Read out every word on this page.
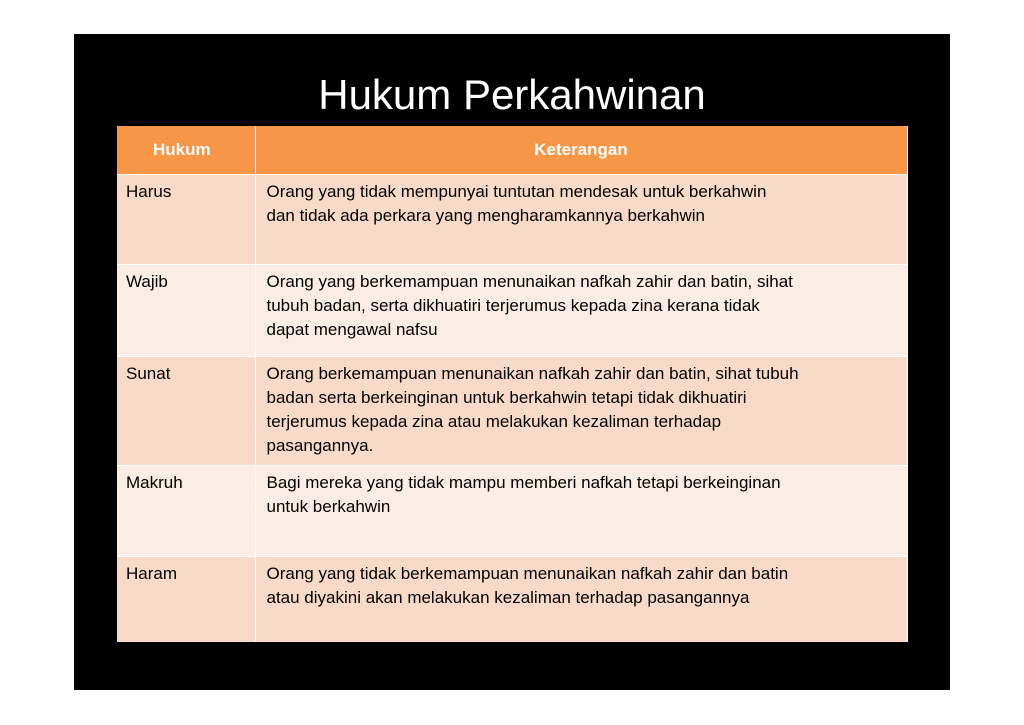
Hukum Perkahwinan
Hukum	Keterangan
Harus	Orang yang tidak mempunyai tuntutan mendesak untuk berkahwin
dan tidak ada perkara yang mengharamkannya berkahwin

Wajib	Orang yang berkemampuan menunaikan nafkah zahir dan batin, sihat
tubuh badan, serta dikhuatiri terjerumus kepada zina kerana tidak
dapat mengawal nafsu

Sunat	Orang berkemampuan menunaikan nafkah zahir dan batin, sihat tubuh
badan serta berkeinginan untuk berkahwin tetapi tidak dikhuatiri
terjerumus kepada zina atau melakukan kezaliman terhadap
pasangannya.

Makruh	Bagi mereka yang tidak mampu memberi nafkah tetapi berkeinginan
untuk berkahwin

Haram	Orang yang tidak berkemampuan menunaikan nafkah zahir dan batin
atau diyakini akan melakukan kezaliman terhadap pasangannya
